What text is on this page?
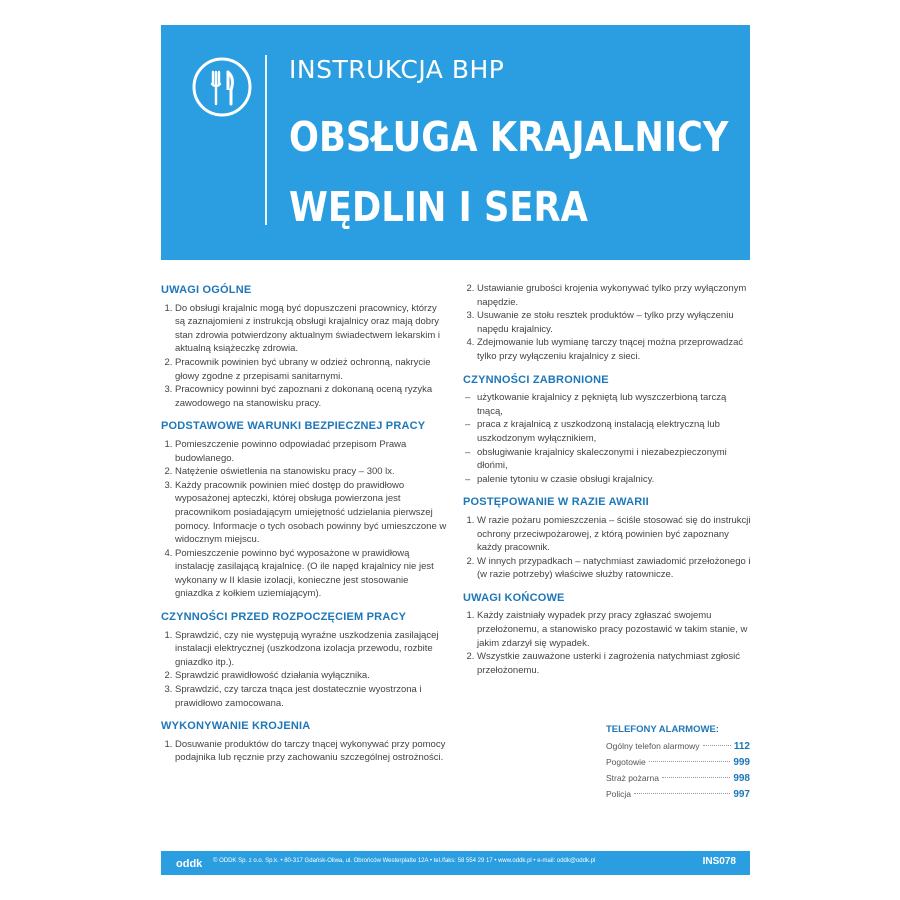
INSTRUKCJA BHP
OBSŁUGA KRAJALNICY
WĘDLIN I SERA
UWAGI OGÓLNE
1. Do obsługi krajalnic mogą być dopuszczeni pracownicy, którzy są zaznajomieni z instrukcją obsługi krajalnicy oraz mają dobry stan zdrowia potwierdzony aktualnym świadectwem lekarskim i aktualną książeczkę zdrowia.
2. Pracownik powinien być ubrany w odzież ochronną, nakrycie głowy zgodne z przepisami sanitarnymi.
3. Pracownicy powinni być zapoznani z dokonaną oceną ryzyka zawodowego na stanowisku pracy.
PODSTAWOWE WARUNKI BEZPIECZNEJ PRACY
1. Pomieszczenie powinno odpowiadać przepisom Prawa budowlanego.
2. Natężenie oświetlenia na stanowisku pracy – 300 lx.
3. Każdy pracownik powinien mieć dostęp do prawidłowo wyposażonej apteczki, której obsługa powierzona jest pracownikom posiadającym umiejętność udzielania pierwszej pomocy. Informacje o tych osobach powinny być umieszczone w widocznym miejscu.
4. Pomieszczenie powinno być wyposażone w prawidłową instalację zasilającą krajalnicę. (O ile napęd krajalnicy nie jest wykonany w II klasie izolacji, konieczne jest stosowanie gniazdka z kołkiem uziemiającym).
CZYNNOŚCI PRZED ROZPOCZĘCIEM PRACY
1. Sprawdzić, czy nie występują wyraźne uszkodzenia zasilającej instalacji elektrycznej (uszkodzona izolacja przewodu, rozbite gniazdko itp.).
2. Sprawdzić prawidłowość działania wyłącznika.
3. Sprawdzić, czy tarcza tnąca jest dostatecznie wyostrzona i prawidłowo zamocowana.
WYKONYWANIE KROJENIA
1. Dosuwanie produktów do tarczy tnącej wykonywać przy pomocy podajnika lub ręcznie przy zachowaniu szczególnej ostrożności.
2. Ustawianie grubości krojenia wykonywać tylko przy wyłączonym napędzie.
3. Usuwanie ze stołu resztek produktów – tylko przy wyłączeniu napędu krajalnicy.
4. Zdejmowanie lub wymianę tarczy tnącej można przeprowadzać tylko przy wyłączeniu krajalnicy z sieci.
CZYNNOŚCI ZABRONIONE
– użytkowanie krajalnicy z pękniętą lub wyszczerbioną tarczą tnącą,
– praca z krajalnicą z uszkodzoną instalacją elektryczną lub uszkodzonym wyłącznikiem,
– obsługiwanie krajalnicy skaleczonymi i niezabezpieczonymi dłońmi,
– palenie tytoniu w czasie obsługi krajalnicy.
POSTĘPOWANIE W RAZIE AWARII
1. W razie pożaru pomieszczenia – ściśle stosować się do instrukcji ochrony przeciwpożarowej, z którą powinien być zapoznany każdy pracownik.
2. W innych przypadkach – natychmiast zawiadomić przełożonego i (w razie potrzeby) właściwe służby ratownicze.
UWAGI KOŃCOWE
1. Każdy zaistniały wypadek przy pracy zgłaszać swojemu przełożonemu, a stanowisko pracy pozostawić w takim stanie, w jakim zdarzył się wypadek.
2. Wszystkie zauważone usterki i zagrożenia natychmiast zgłosić przełożonemu.
TELEFONY ALARMOWE:
Ogólny telefon alarmowy	112
Pogotowie	999
Straż pożarna	998
Policja	997
oddk © ODDK Sp. z o.o. Sp.k. • 80-317 Gdańsk-Oliwa, ul. Obrońców Westerplatte 12A • tel./faks: 58 554 29 17 • www.oddk.pl • e-mail: oddk@oddk.pl	INS078
